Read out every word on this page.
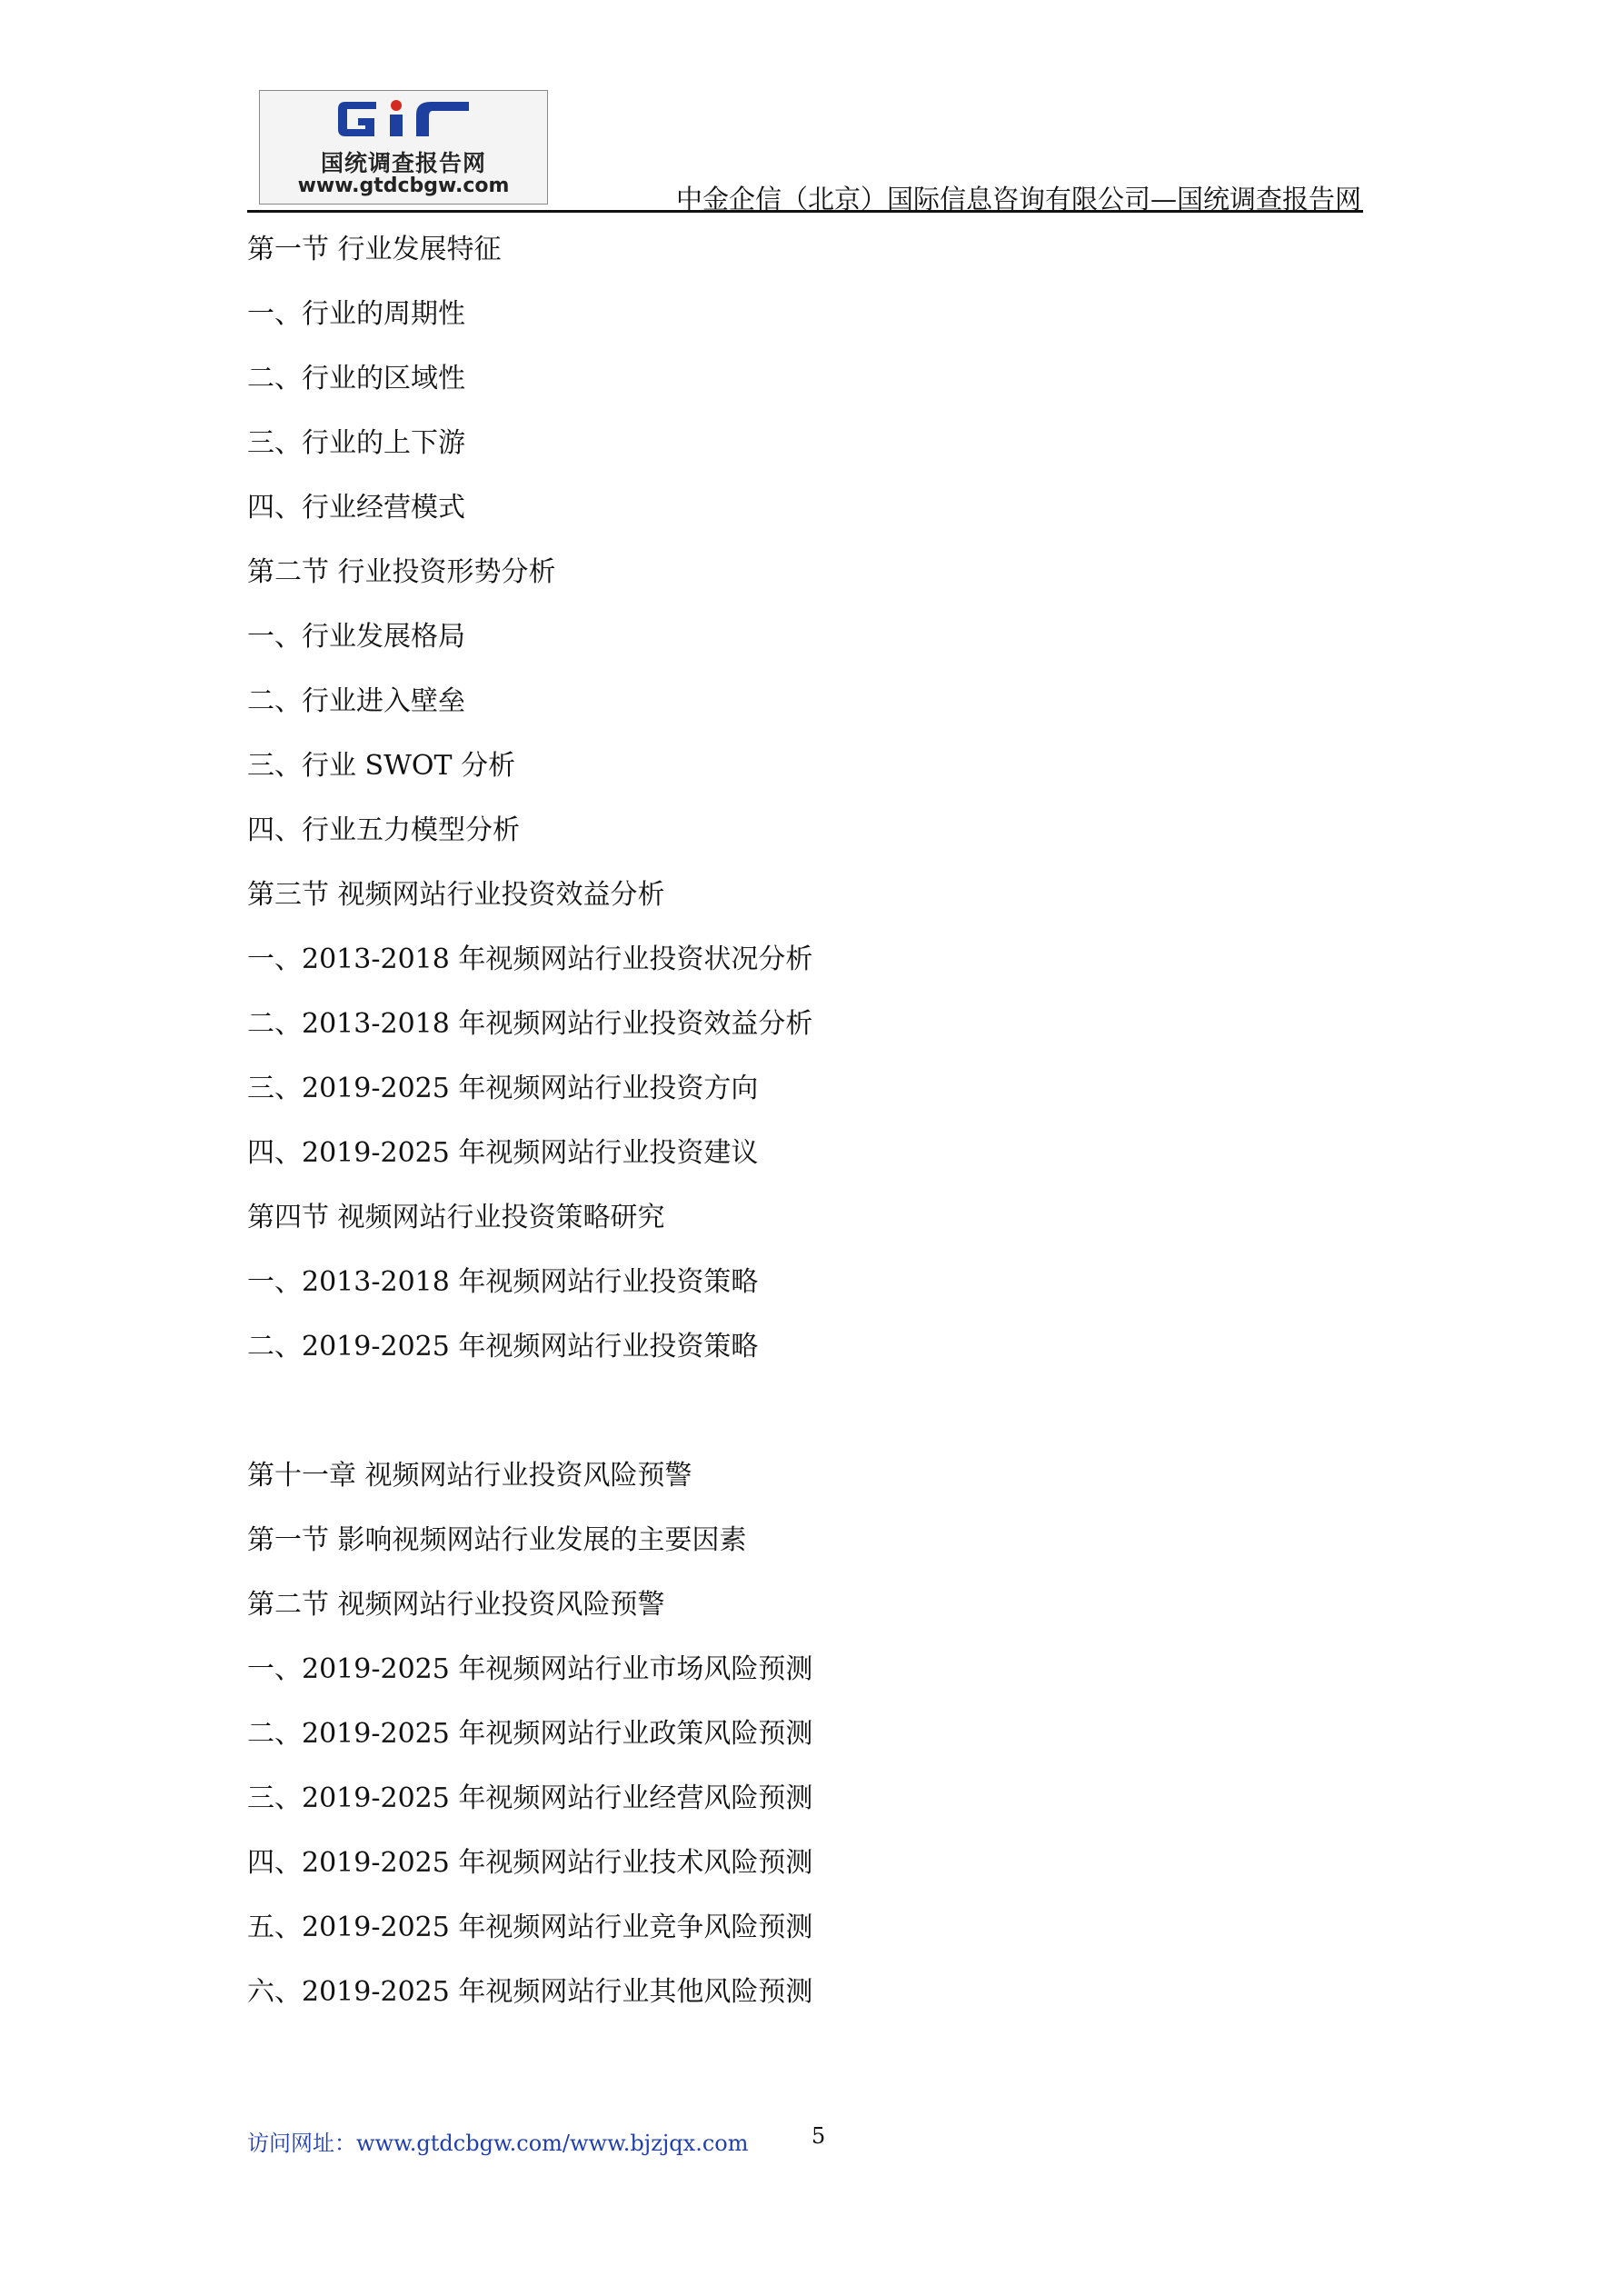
国统调查报告网
www.gtdcbgw.com	中金企信（北京）国际信息咨询有限公司—国统调查报告网
第一节 行业发展特征
一、行业的周期性
二、行业的区域性
三、行业的上下游
四、行业经营模式
第二节 行业投资形势分析
一、行业发展格局
二、行业进入壁垒
三、行业 SWOT 分析
四、行业五力模型分析
第三节 视频网站行业投资效益分析
一、2013-2018 年视频网站行业投资状况分析
二、2013-2018 年视频网站行业投资效益分析
三、2019-2025 年视频网站行业投资方向
四、2019-2025 年视频网站行业投资建议
第四节 视频网站行业投资策略研究
一、2013-2018 年视频网站行业投资策略
二、2019-2025 年视频网站行业投资策略
第十一章 视频网站行业投资风险预警
第一节 影响视频网站行业发展的主要因素
第二节 视频网站行业投资风险预警
一、2019-2025 年视频网站行业市场风险预测
二、2019-2025 年视频网站行业政策风险预测
三、2019-2025 年视频网站行业经营风险预测
四、2019-2025 年视频网站行业技术风险预测
五、2019-2025 年视频网站行业竞争风险预测
六、2019-2025 年视频网站行业其他风险预测
访问网址：www.gtdcbgw.com/www.bjzjqx.com	5
